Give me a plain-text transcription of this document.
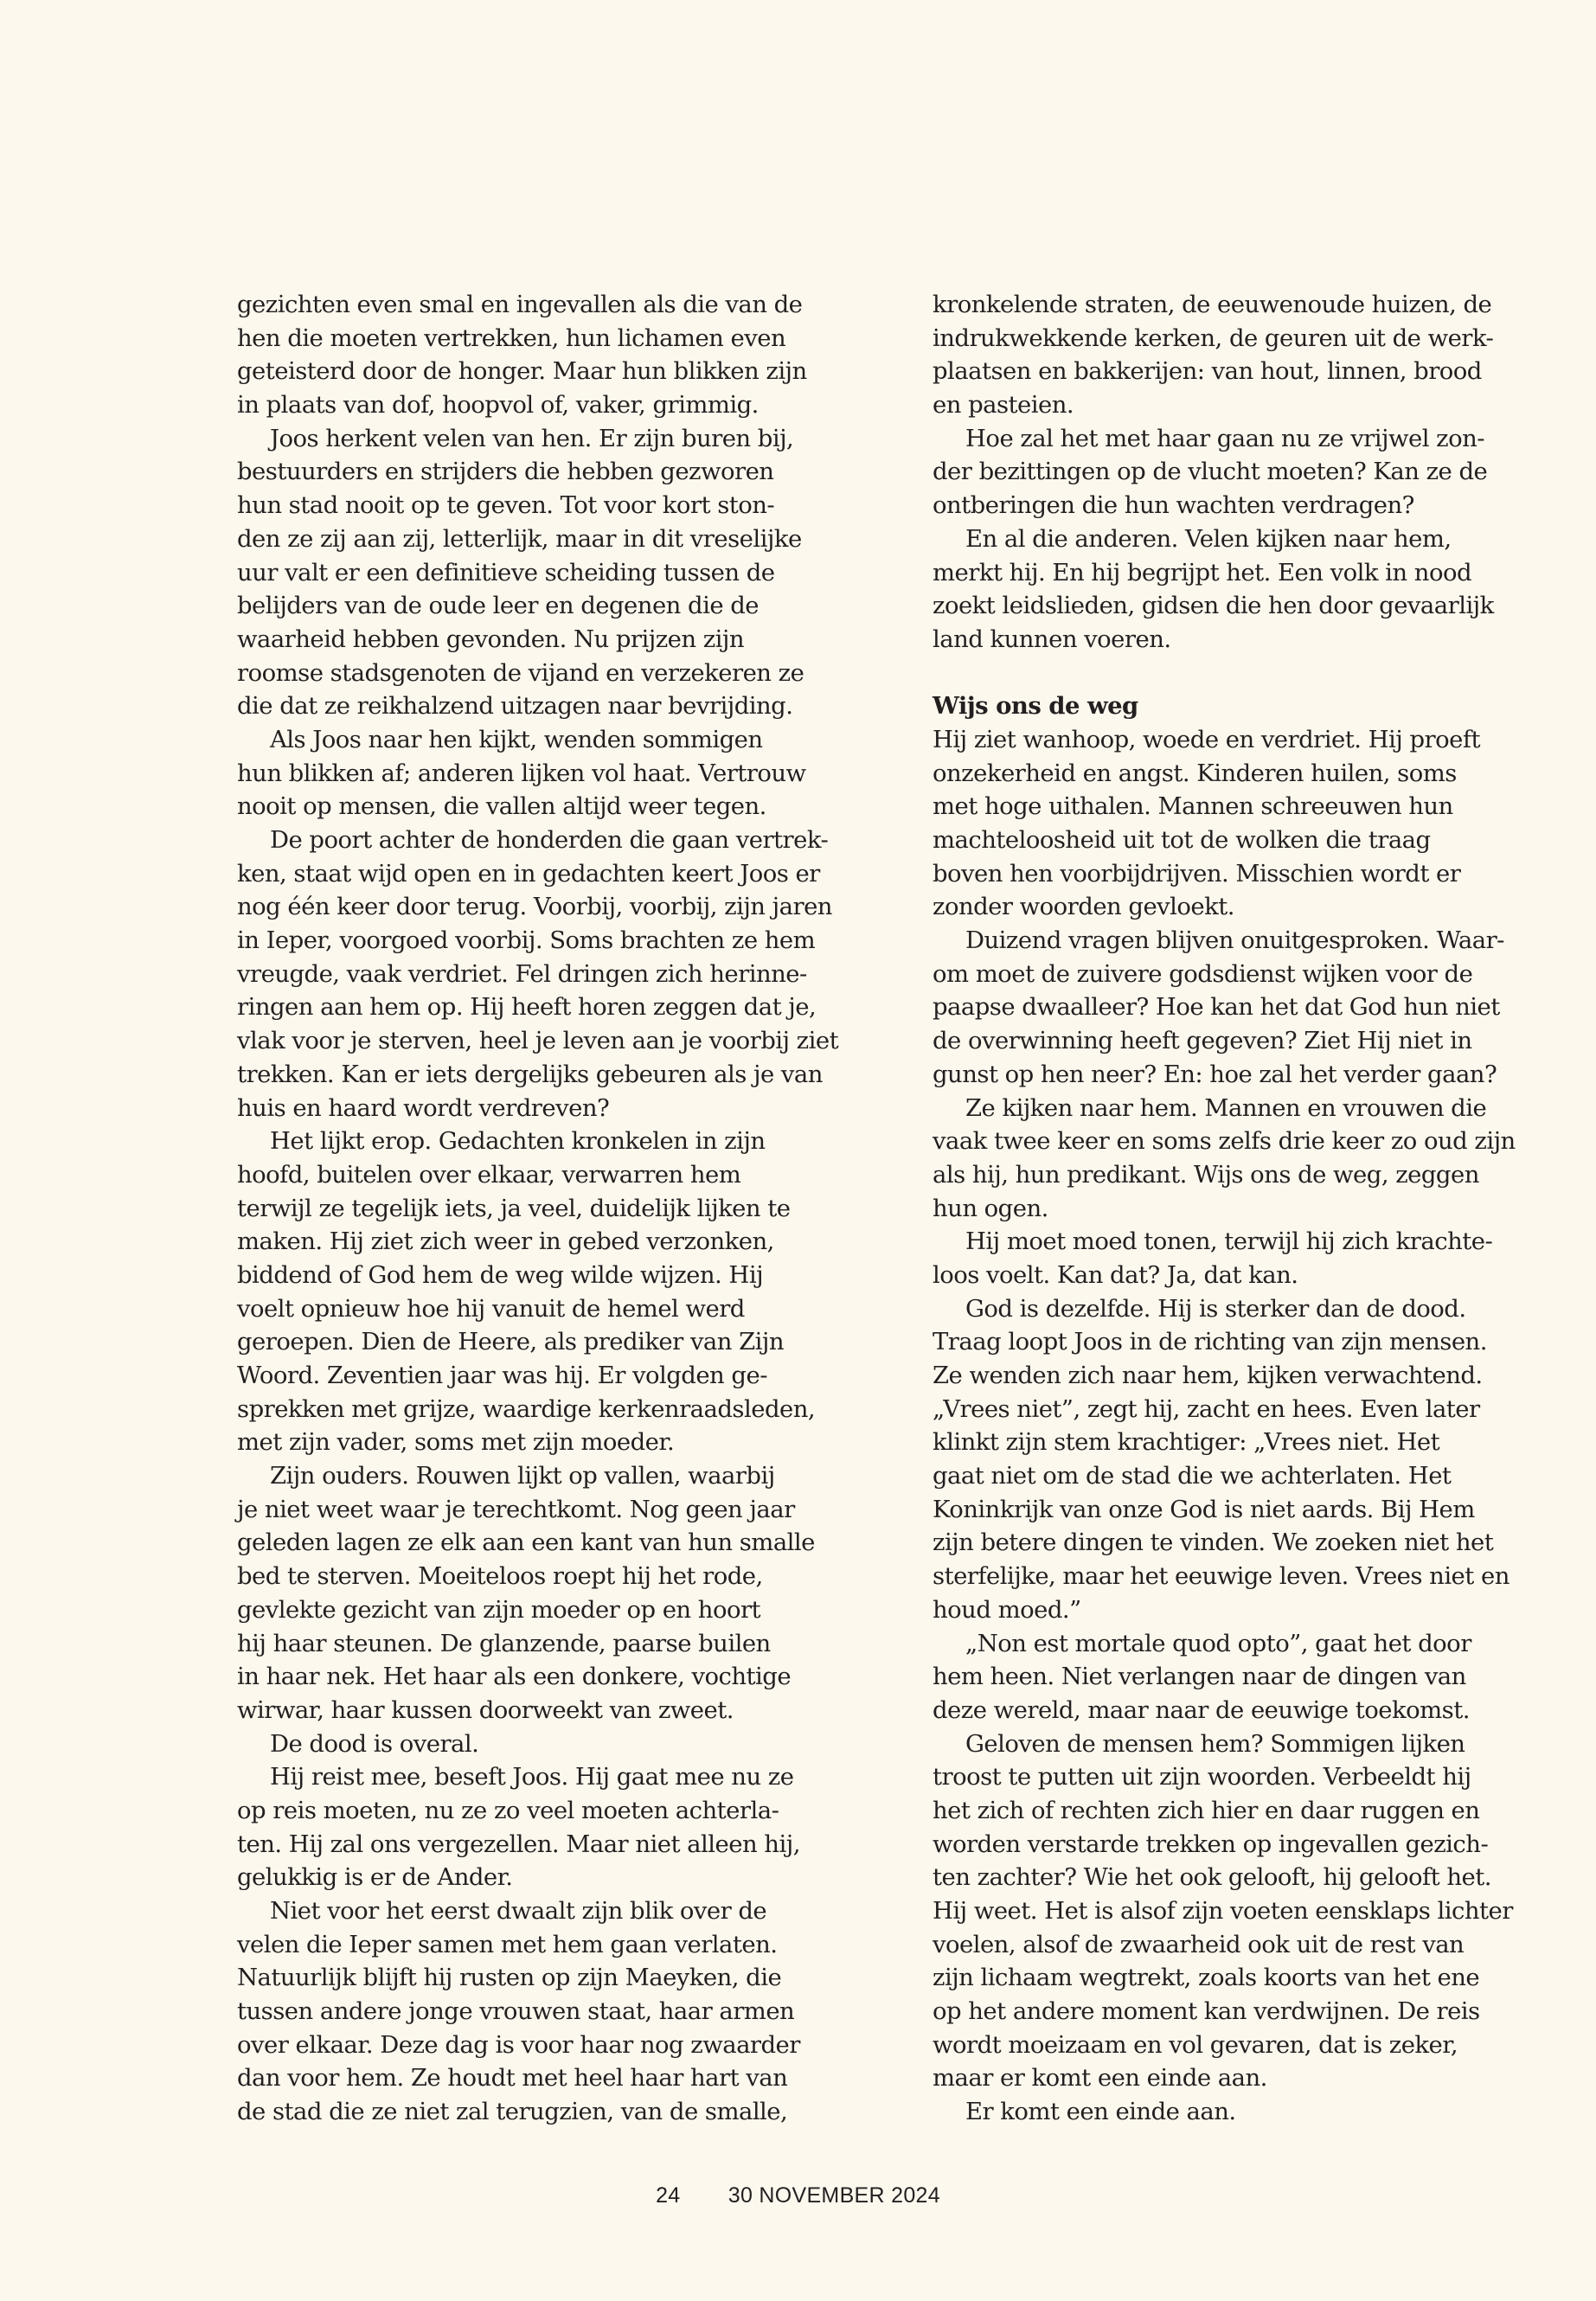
gezichten even smal en ingevallen als die van de
hen die moeten vertrekken, hun lichamen even
geteisterd door de honger. Maar hun blikken zijn
in plaats van dof, hoopvol of, vaker, grimmig.
Joos herkent velen van hen. Er zijn buren bij,
bestuurders en strijders die hebben gezworen
hun stad nooit op te geven. Tot voor kort ston-
den ze zij aan zij, letterlijk, maar in dit vreselijke
uur valt er een definitieve scheiding tussen de
belijders van de oude leer en degenen die de
waarheid hebben gevonden. Nu prijzen zijn
roomse stadsgenoten de vijand en verzekeren ze
die dat ze reikhalzend uitzagen naar bevrijding.
Als Joos naar hen kijkt, wenden sommigen
hun blikken af; anderen lijken vol haat. Vertrouw
nooit op mensen, die vallen altijd weer tegen.
De poort achter de honderden die gaan vertrek-
ken, staat wijd open en in gedachten keert Joos er
nog één keer door terug. Voorbij, voorbij, zijn jaren
in Ieper, voorgoed voorbij. Soms brachten ze hem
vreugde, vaak verdriet. Fel dringen zich herinne-
ringen aan hem op. Hij heeft horen zeggen dat je,
vlak voor je sterven, heel je leven aan je voorbij ziet
trekken. Kan er iets dergelijks gebeuren als je van
huis en haard wordt verdreven?
Het lijkt erop. Gedachten kronkelen in zijn
hoofd, buitelen over elkaar, verwarren hem
terwijl ze tegelijk iets, ja veel, duidelijk lijken te
maken. Hij ziet zich weer in gebed verzonken,
biddend of God hem de weg wilde wijzen. Hij
voelt opnieuw hoe hij vanuit de hemel werd
geroepen. Dien de Heere, als prediker van Zijn
Woord. Zeventien jaar was hij. Er volgden ge-
sprekken met grijze, waardige kerkenraadsleden,
met zijn vader, soms met zijn moeder.
Zijn ouders. Rouwen lijkt op vallen, waarbij
je niet weet waar je terechtkomt. Nog geen jaar
geleden lagen ze elk aan een kant van hun smalle
bed te sterven. Moeiteloos roept hij het rode,
gevlekte gezicht van zijn moeder op en hoort
hij haar steunen. De glanzende, paarse builen
in haar nek. Het haar als een donkere, vochtige
wirwar, haar kussen doorweekt van zweet.
De dood is overal.
Hij reist mee, beseft Joos. Hij gaat mee nu ze
op reis moeten, nu ze zo veel moeten achterla-
ten. Hij zal ons vergezellen. Maar niet alleen hij,
gelukkig is er de Ander.
Niet voor het eerst dwaalt zijn blik over de
velen die Ieper samen met hem gaan verlaten.
Natuurlijk blijft hij rusten op zijn Maeyken, die
tussen andere jonge vrouwen staat, haar armen
over elkaar. Deze dag is voor haar nog zwaarder
dan voor hem. Ze houdt met heel haar hart van
de stad die ze niet zal terugzien, van de smalle,
kronkelende straten, de eeuwenoude huizen, de
indrukwekkende kerken, de geuren uit de werk-
plaatsen en bakkerijen: van hout, linnen, brood
en pasteien.
Hoe zal het met haar gaan nu ze vrijwel zon-
der bezittingen op de vlucht moeten? Kan ze de
ontberingen die hun wachten verdragen?
En al die anderen. Velen kijken naar hem,
merkt hij. En hij begrijpt het. Een volk in nood
zoekt leidslieden, gidsen die hen door gevaarlijk
land kunnen voeren.
Wijs ons de weg
Hij ziet wanhoop, woede en verdriet. Hij proeft
onzekerheid en angst. Kinderen huilen, soms
met hoge uithalen. Mannen schreeuwen hun
machteloosheid uit tot de wolken die traag
boven hen voorbijdrijven. Misschien wordt er
zonder woorden gevloekt.
Duizend vragen blijven onuitgesproken. Waar-
om moet de zuivere godsdienst wijken voor de
paapse dwaalleer? Hoe kan het dat God hun niet
de overwinning heeft gegeven? Ziet Hij niet in
gunst op hen neer? En: hoe zal het verder gaan?
Ze kijken naar hem. Mannen en vrouwen die
vaak twee keer en soms zelfs drie keer zo oud zijn
als hij, hun predikant. Wijs ons de weg, zeggen
hun ogen.
Hij moet moed tonen, terwijl hij zich krachte-
loos voelt. Kan dat? Ja, dat kan.
God is dezelfde. Hij is sterker dan de dood.
Traag loopt Joos in de richting van zijn mensen.
Ze wenden zich naar hem, kijken verwachtend.
„Vrees niet”, zegt hij, zacht en hees. Even later
klinkt zijn stem krachtiger: „Vrees niet. Het
gaat niet om de stad die we achterlaten. Het
Koninkrijk van onze God is niet aards. Bij Hem
zijn betere dingen te vinden. We zoeken niet het
sterfelijke, maar het eeuwige leven. Vrees niet en
houd moed.”
„Non est mortale quod opto”, gaat het door
hem heen. Niet verlangen naar de dingen van
deze wereld, maar naar de eeuwige toekomst.
Geloven de mensen hem? Sommigen lijken
troost te putten uit zijn woorden. Verbeeldt hij
het zich of rechten zich hier en daar ruggen en
worden verstarde trekken op ingevallen gezich-
ten zachter? Wie het ook gelooft, hij gelooft het.
Hij weet. Het is alsof zijn voeten eensklaps lichter
voelen, alsof de zwaarheid ook uit de rest van
zijn lichaam wegtrekt, zoals koorts van het ene
op het andere moment kan verdwijnen. De reis
wordt moeizaam en vol gevaren, dat is zeker,
maar er komt een einde aan.
Er komt een einde aan.
24 30 NOVEMBER 2024
